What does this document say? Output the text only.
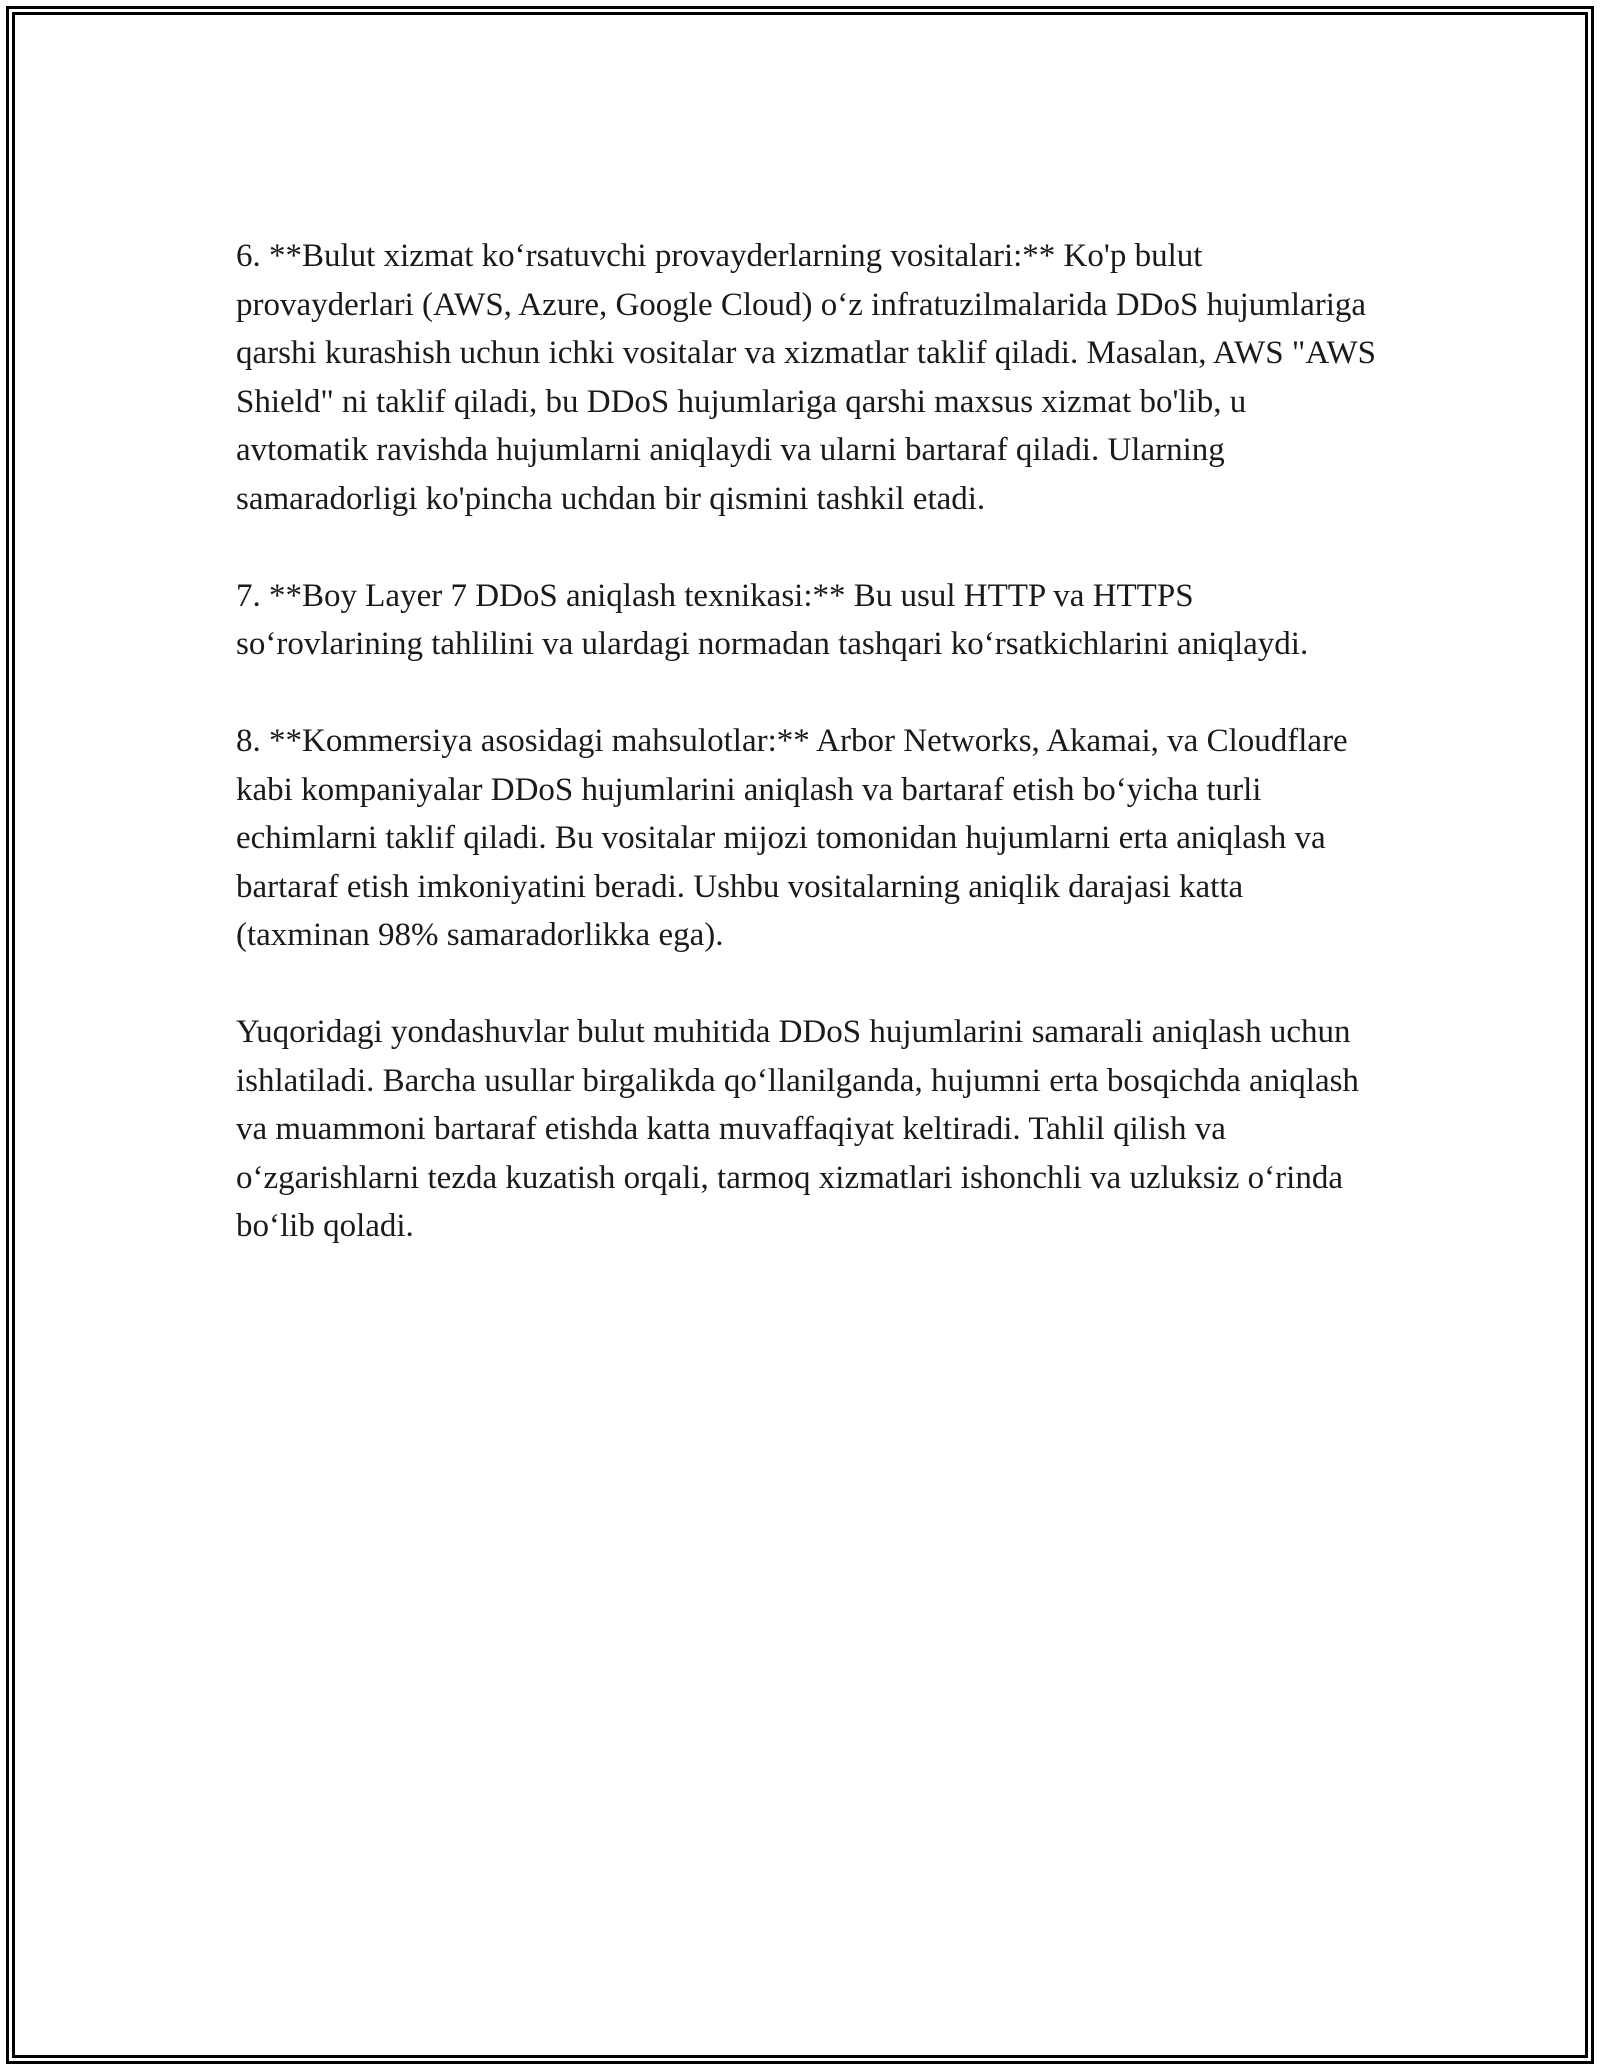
6. **Bulut xizmat koʻrsatuvchi provayderlarning vositalari:** Ko'p bulut provayderlari (AWS, Azure, Google Cloud) oʻz infratuzilmalarida DDoS hujumlariga qarshi kurashish uchun ichki vositalar va xizmatlar taklif qiladi. Masalan, AWS "AWS Shield" ni taklif qiladi, bu DDoS hujumlariga qarshi maxsus xizmat bo'lib, u avtomatik ravishda hujumlarni aniqlaydi va ularni bartaraf qiladi. Ularning samaradorligi ko'pincha uchdan bir qismini tashkil etadi.

7. **Boy Layer 7 DDoS aniqlash texnikasi:** Bu usul HTTP va HTTPS soʻrovlarining tahlilini va ulardagi normadan tashqari koʻrsatkichlarini aniqlaydi.

8. **Kommersiya asosidagi mahsulotlar:** Arbor Networks, Akamai, va Cloudflare kabi kompaniyalar DDoS hujumlarini aniqlash va bartaraf etish boʻyicha turli echimlarni taklif qiladi. Bu vositalar mijozi tomonidan hujumlarni erta aniqlash va bartaraf etish imkoniyatini beradi. Ushbu vositalarning aniqlik darajasi katta (taxminan 98% samaradorlikka ega).

Yuqoridagi yondashuvlar bulut muhitida DDoS hujumlarini samarali aniqlash uchun ishlatiladi. Barcha usullar birgalikda qoʻllanilganda, hujumni erta bosqichda aniqlash va muammoni bartaraf etishda katta muvaffaqiyat keltiradi. Tahlil qilish va oʻzgarishlarni tezda kuzatish orqali, tarmoq xizmatlari ishonchli va uzluksiz oʻrinda boʻlib qoladi.
